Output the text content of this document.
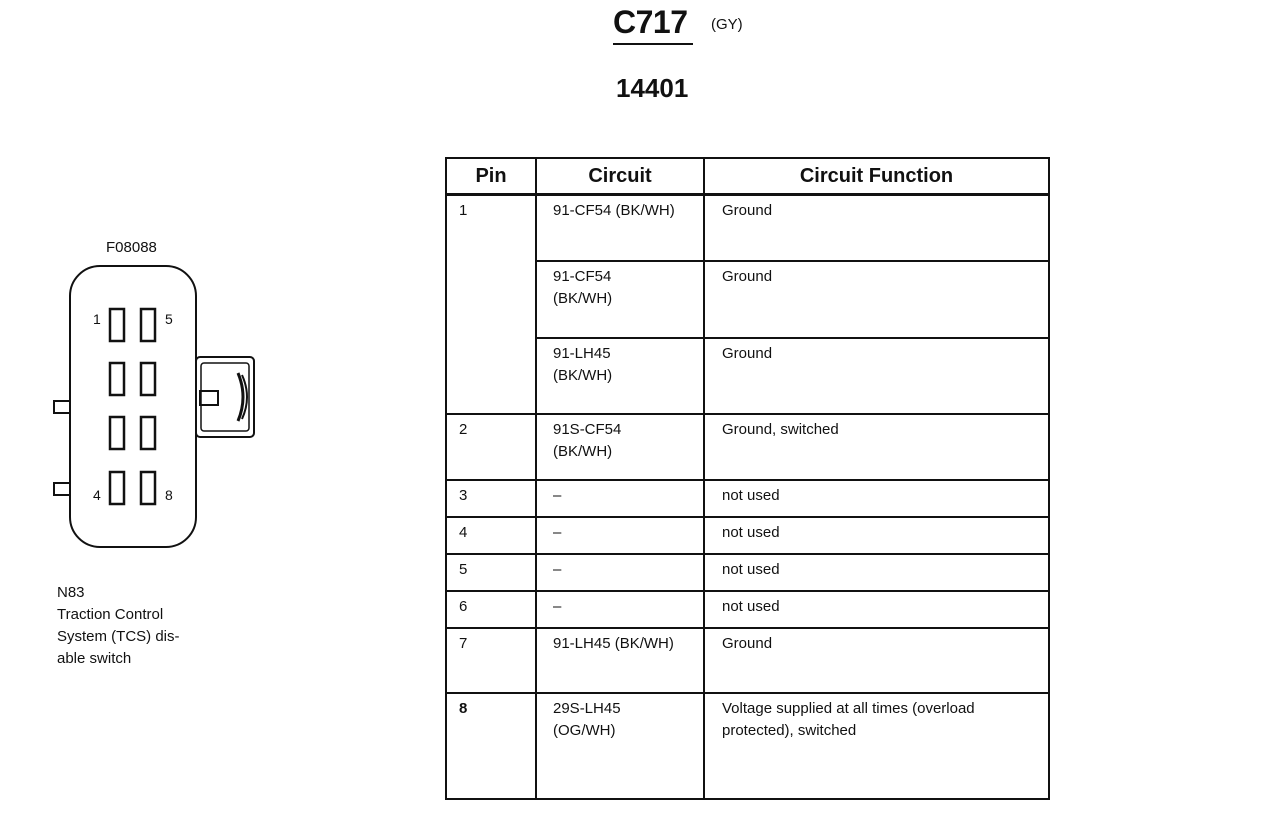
C717 (GY)
14401
F08088
1	5
4	8
N83
Traction Control
System (TCS) dis-
able switch
Pin	Circuit	Circuit Function
1	91-CF54 (BK/WH)	Ground

	91-CF54
(BK/WH)	Ground

	91-LH45
(BK/WH)	Ground

2	91S-CF54
(BK/WH)	Ground, switched

3	–	not used

4	–	not used

5	–	not used

6	–	not used

7	91-LH45 (BK/WH)	Ground

8	29S-LH45
(OG/WH)	Voltage supplied at all times (overload
protected), switched
